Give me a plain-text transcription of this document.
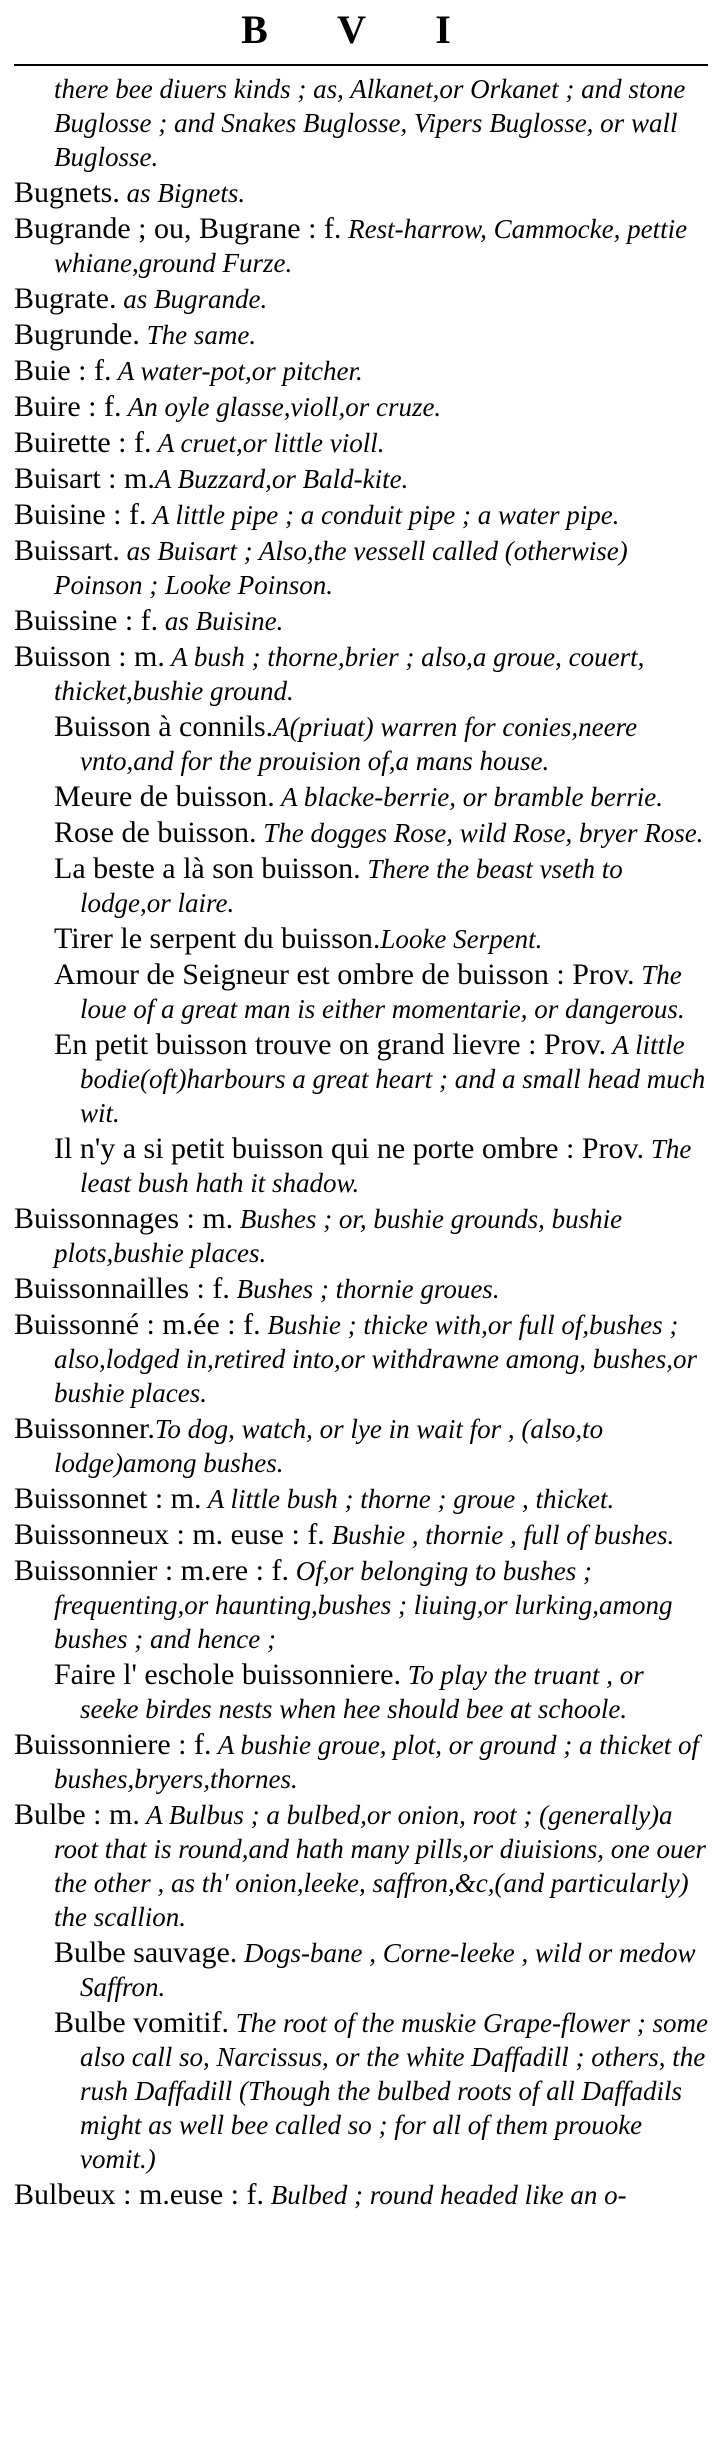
B V I
there bee diuers kinds ; as, Alkanet,or Orkanet ; and stone Buglosse ; and Snakes Buglosse, Vipers Buglosse, or wall Buglosse.
Bugnets. as Bignets.
Bugrande ; ou, Bugrane : f. Rest-harrow, Cammocke, pettie whiane,ground Furze.
Bugrate. as Bugrande.
Bugrunde. The same.
Buie : f. A water-pot,or pitcher.
Buire : f. An oyle glasse,violl,or cruze.
Buirette : f. A cruet,or little violl.
Buisart : m.A Buzzard,or Bald-kite.
Buisine : f. A little pipe ; a conduit pipe ; a water pipe.
Buissart. as Buisart ; Also,the vessell called (otherwise) Poinson ; Looke Poinson.
Buissine : f. as Buisine.
Buisson : m. A bush ; thorne,brier ; also,a groue, couert, thicket,bushie ground.
Buisson à connils.A(priuat) warren for conies,neere vnto,and for the prouision of,a mans house.
Meure de buisson. A blacke-berrie, or bramble berrie.
Rose de buisson. The dogges Rose, wild Rose, bryer Rose.
La beste a là son buisson. There the beast vseth to lodge,or laire.
Tirer le serpent du buisson.Looke Serpent.
Amour de Seigneur est ombre de buisson : Prov. The loue of a great man is either momentarie, or dangerous.
En petit buisson trouve on grand lievre : Prov. A little bodie(oft)harbours a great heart ; and a small head much wit.
Il n'y a si petit buisson qui ne porte ombre : Prov. The least bush hath it shadow.
Buissonnages : m. Bushes ; or, bushie grounds, bushie plots,bushie places.
Buissonnailles : f. Bushes ; thornie groues.
Buissonné : m.ée : f. Bushie ; thicke with,or full of,bushes ; also,lodged in,retired into,or withdrawne among, bushes,or bushie places.
Buissonner.To dog, watch, or lye in wait for , (also,to lodge)among bushes.
Buissonnet : m. A little bush ; thorne ; groue , thicket.
Buissonneux : m. euse : f. Bushie , thornie , full of bushes.
Buissonnier : m.ere : f. Of,or belonging to bushes ; frequenting,or haunting,bushes ; liuing,or lurking,among bushes ; and hence ;
Faire l' eschole buissonniere. To play the truant , or seeke birdes nests when hee should bee at schoole.
Buissonniere : f. A bushie groue, plot, or ground ; a thicket of bushes,bryers,thornes.
Bulbe : m. A Bulbus ; a bulbed,or onion, root ; (generally)a root that is round,and hath many pills,or diuisions, one ouer the other , as th' onion,leeke, saffron,&c,(and particularly) the scallion.
Bulbe sauvage. Dogs-bane , Corne-leeke , wild or medow Saffron.
Bulbe vomitif. The root of the muskie Grape-flower ; some also call so, Narcissus, or the white Daffadill ; others, the rush Daffadill (Though the bulbed roots of all Daffadils might as well bee called so ; for all of them prouoke vomit.)
Bulbeux : m.euse : f. Bulbed ; round headed like an o-
